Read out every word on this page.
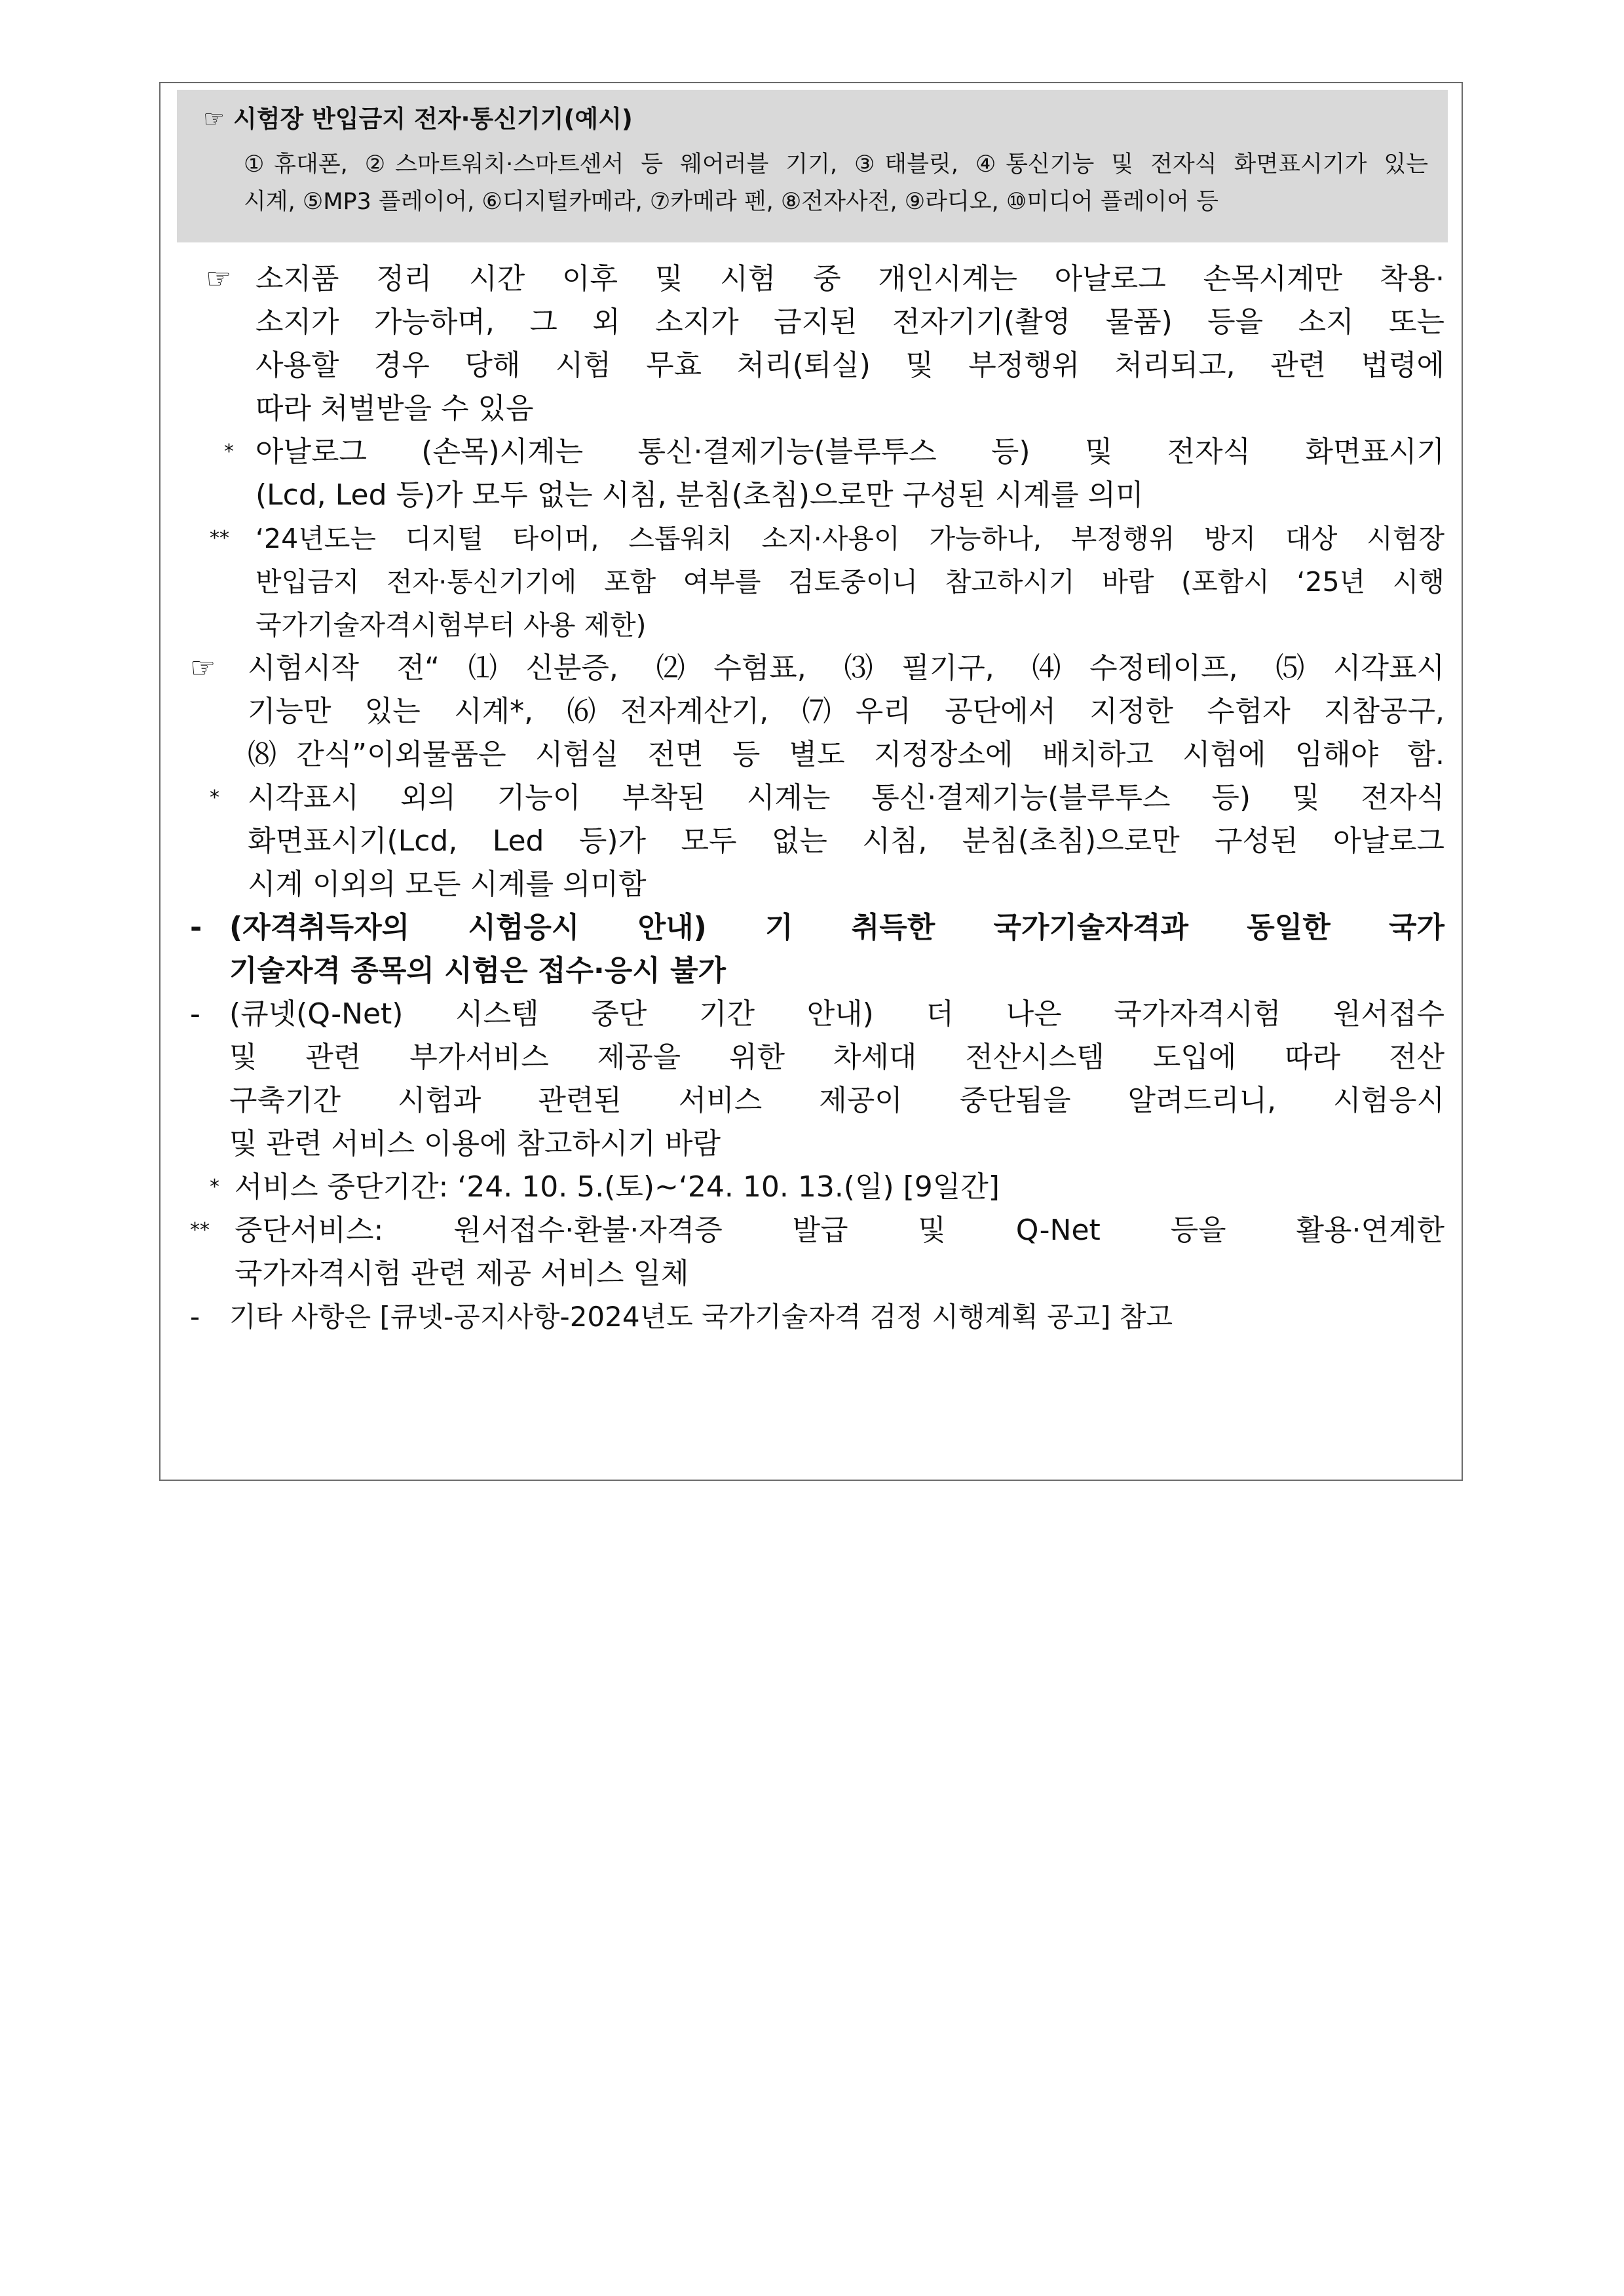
☞ 시험장 반입금지 전자·통신기기(예시)
①휴대폰, ②스마트워치·스마트센서 등 웨어러블 기기, ③태블릿, ④통신기능 및 전자식 화면표시기가 있는
시계, ⑤MP3 플레이어, ⑥디지털카메라, ⑦카메라 펜, ⑧전자사전, ⑨라디오, ⑩미디어 플레이어 등
☞ 소지품 정리 시간 이후 및 시험 중 개인시계는 아날로그 손목시계만 착용·
소지가 가능하며, 그 외 소지가 금지된 전자기기(촬영 물품) 등을 소지 또는
사용할 경우 당해 시험 무효 처리(퇴실) 및 부정행위 처리되고, 관련 법령에
따라 처벌받을 수 있음
* 아날로그 (손목)시계는 통신·결제기능(블루투스 등) 및 전자식 화면표시기
(Lcd, Led 등)가 모두 없는 시침, 분침(초침)으로만 구성된 시계를 의미
** ‘24년도는 디지털 타이머, 스톱워치 소지·사용이 가능하나, 부정행위 방지 대상 시험장
반입금지 전자·통신기기에 포함 여부를 검토중이니 참고하시기 바람 (포함시 ‘25년 시행
국가기술자격시험부터 사용 제한)
☞ 시험시작 전“⑴신분증, ⑵수험표, ⑶필기구, ⑷수정테이프, ⑸시각표시
기능만 있는 시계*, ⑹전자계산기, ⑺우리 공단에서 지정한 수험자 지참공구,
⑻간식”이외물품은 시험실 전면 등 별도 지정장소에 배치하고 시험에 임해야 함.
* 시각표시 외의 기능이 부착된 시계는 통신·결제기능(블루투스 등) 및 전자식
화면표시기(Lcd, Led 등)가 모두 없는 시침, 분침(초침)으로만 구성된 아날로그
시계 이외의 모든 시계를 의미함
- (자격취득자의 시험응시 안내) 기 취득한 국가기술자격과 동일한 국가
기술자격 종목의 시험은 접수·응시 불가
- (큐넷(Q-Net) 시스템 중단 기간 안내) 더 나은 국가자격시험 원서접수
및 관련 부가서비스 제공을 위한 차세대 전산시스템 도입에 따라 전산
구축기간 시험과 관련된 서비스 제공이 중단됨을 알려드리니, 시험응시
및 관련 서비스 이용에 참고하시기 바람
* 서비스 중단기간: ‘24. 10. 5.(토)∼‘24. 10. 13.(일) [9일간]
** 중단서비스: 원서접수·환불·자격증 발급 및 Q-Net 등을 활용·연계한
국가자격시험 관련 제공 서비스 일체
- 기타 사항은 [큐넷-공지사항-2024년도 국가기술자격 검정 시행계획 공고] 참고
